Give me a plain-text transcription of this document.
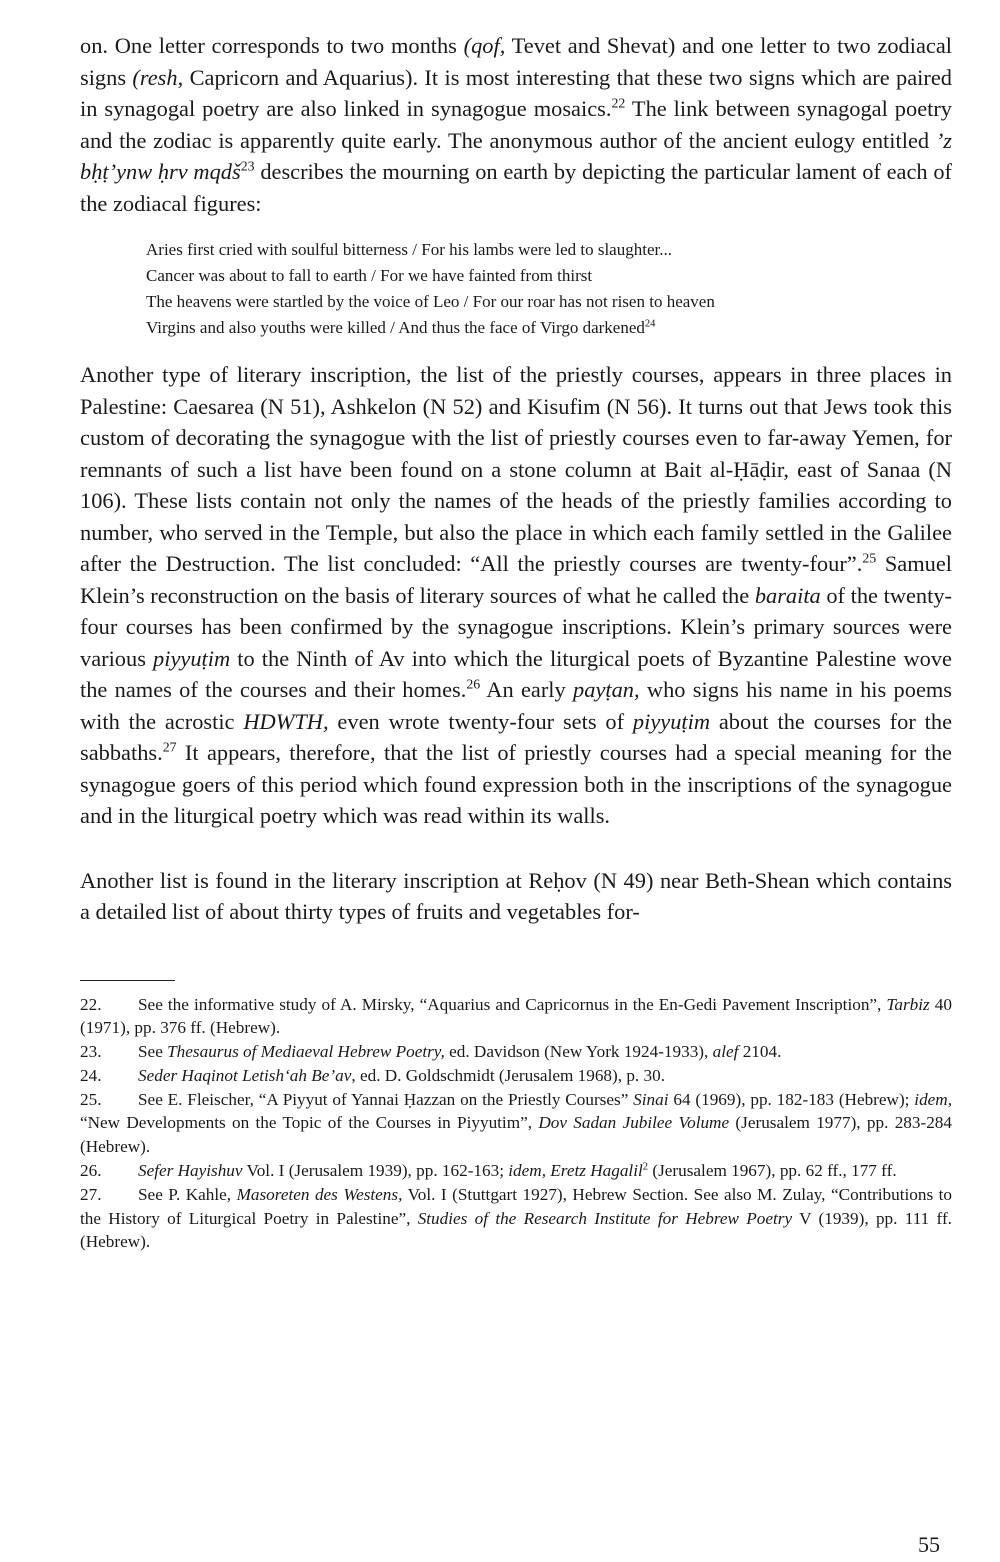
on. One letter corresponds to two months (qof, Tevet and Shevat) and one letter to two zodiacal signs (resh, Capricorn and Aquarius). It is most interesting that these two signs which are paired in synagogal poetry are also linked in synagogue mosaics.$^{22}$ The link between synagogal poetry and the zodiac is apparently quite early. The anonymous author of the ancient eulogy entitled ’z bḥṭ’ynw ḥrv mqdš$^{23}$ describes the mourning on earth by depicting the particular lament of each of the zodiacal figures:

Aries first cried with soulful bitterness / For his lambs were led to slaughter...
Cancer was about to fall to earth / For we have fainted from thirst
The heavens were startled by the voice of Leo / For our roar has not risen to heaven
Virgins and also youths were killed / And thus the face of Virgo darkened$^{24}$

Another type of literary inscription, the list of the priestly courses, appears in three places in Palestine: Caesarea (N 51), Ashkelon (N 52) and Kisufim (N 56). It turns out that Jews took this custom of decorating the synagogue with the list of priestly courses even to far-away Yemen, for remnants of such a list have been found on a stone column at Bait al-Ḥāḍir, east of Sanaa (N 106). These lists contain not only the names of the heads of the priestly families according to number, who served in the Temple, but also the place in which each family settled in the Galilee after the Destruction. The list concluded: “All the priestly courses are twenty-four”.$^{25}$ Samuel Klein’s reconstruction on the basis of literary sources of what he called the baraita of the twenty-four courses has been confirmed by the synagogue inscriptions. Klein’s primary sources were various piyyuṭim to the Ninth of Av into which the liturgical poets of Byzantine Palestine wove the names of the courses and their homes.$^{26}$ An early payṭan, who signs his name in his poems with the acrostic HDWTH, even wrote twenty-four sets of piyyuṭim about the courses for the sabbaths.$^{27}$ It appears, therefore, that the list of priestly courses had a special meaning for the synagogue goers of this period which found expression both in the inscriptions of the synagogue and in the liturgical poetry which was read within its walls.

Another list is found in the literary inscription at Reḥov (N 49) near Beth-Shean which contains a detailed list of about thirty types of fruits and vegetables for-

22. See the informative study of A. Mirsky, “Aquarius and Capricornus in the En-Gedi Pavement Inscription”, Tarbiz 40 (1971), pp. 376 ff. (Hebrew).
23. See Thesaurus of Mediaeval Hebrew Poetry, ed. Davidson (New York 1924-1933), alef 2104.
24. Seder Haqinot Letish‘ah Be’av, ed. D. Goldschmidt (Jerusalem 1968), p. 30.
25. See E. Fleischer, “A Piyyut of Yannai Ḥazzan on the Priestly Courses” Sinai 64 (1969), pp. 182-183 (Hebrew); idem, “New Developments on the Topic of the Courses in Piyyutim”, Dov Sadan Jubilee Volume (Jerusalem 1977), pp. 283-284 (Hebrew).
26. Sefer Hayishuv Vol. I (Jerusalem 1939), pp. 162-163; idem, Eretz Hagalil$^2$ (Jerusalem 1967), pp. 62 ff., 177 ff.
27. See P. Kahle, Masoreten des Westens, Vol. I (Stuttgart 1927), Hebrew Section. See also M. Zulay, “Contributions to the History of Liturgical Poetry in Palestine”, Studies of the Research Institute for Hebrew Poetry V (1939), pp. 111 ff. (Hebrew).
55
